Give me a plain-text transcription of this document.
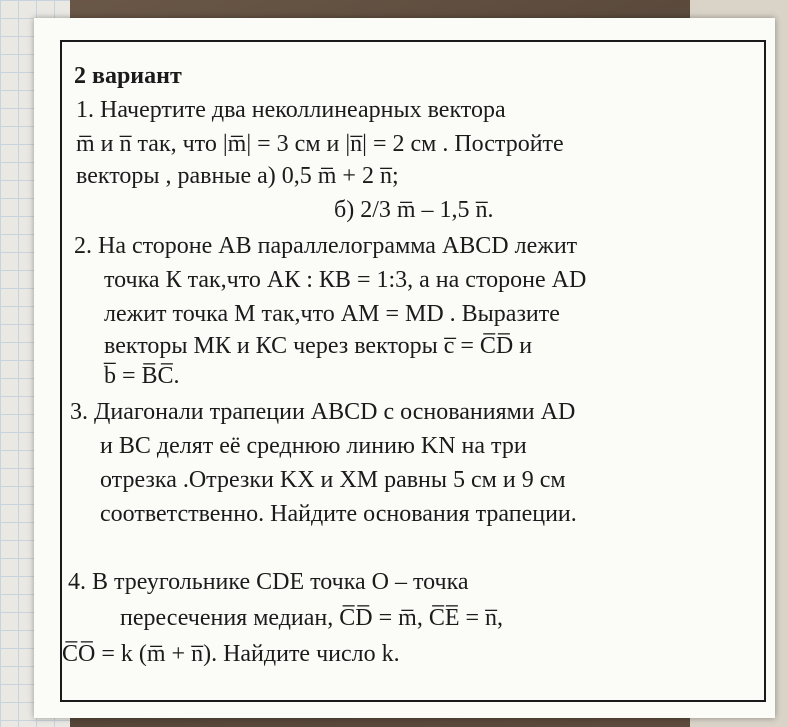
2 вариант
1. Начертите два неколлинеарных вектора
m̅ и n̅ так, что |m̅| = 3 см и |n̅| = 2 см . Постройте
векторы , равные а) 0,5 m̅ + 2 n̅;
б) 2/3 m̅ – 1,5 n̅.
2. На стороне АВ параллелограмма ABCD лежит
точка К так,что АК : КВ = 1:3, а на стороне AD
лежит точка М так,что АМ = MD . Выразите
векторы МК и КС через векторы c̅ = C̅D̅ и
b̅ = B̅C̅.
3. Диагонали трапеции ABCD с основаниями AD
и ВС делят её среднюю линию KN на три
отрезка .Отрезки KX и XM равны 5 см и 9 см
соответственно. Найдите основания трапеции.
4. В треугольнике CDE точка О – точка
пересечения медиан, C̅D̅ = m̅, C̅E̅ = n̅,
C̅O̅ = k (m̅ + n̅). Найдите число k.
